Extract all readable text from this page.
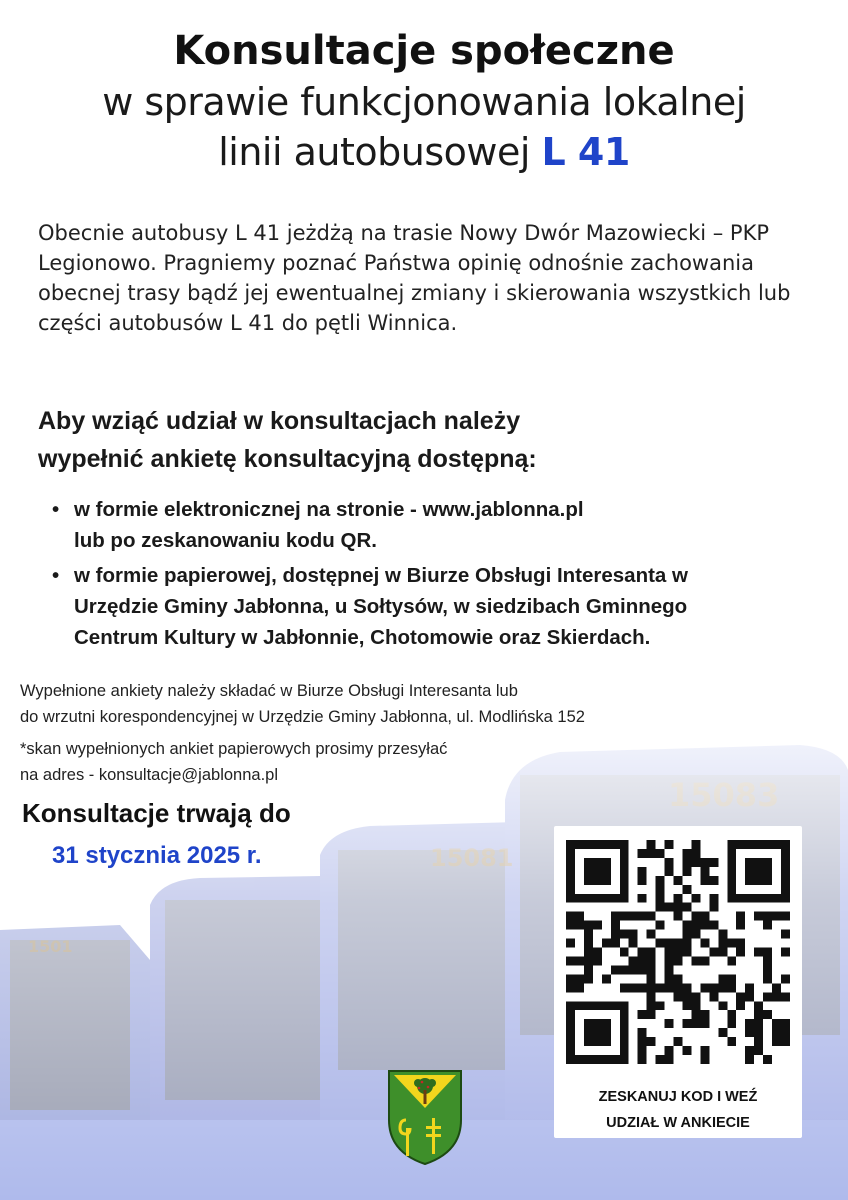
Konsultacje społeczne
w sprawie funkcjonowania lokalnej
linii autobusowej L 41
Obecnie autobusy L 41 jeżdżą na trasie Nowy Dwór Mazowiecki – PKP Legionowo. Pragniemy poznać Państwa opinię odnośnie zachowania obecnej trasy bądź jej ewentualnej zmiany i skierowania wszystkich lub części autobusów L 41 do pętli Winnica.
Aby wziąć udział w konsultacjach należy
wypełnić ankietę konsultacyjną dostępną:
• w formie elektronicznej na stronie - www.jablonna.pl
lub po zeskanowaniu kodu QR.
• w formie papierowej, dostępnej w Biurze Obsługi Interesanta w
Urzędzie Gminy Jabłonna, u Sołtysów, w siedzibach Gminnego
Centrum Kultury w Jabłonnie, Chotomowie oraz Skierdach.
Wypełnione ankiety należy składać w Biurze Obsługi Interesanta lub
do wrzutni korespondencyjnej w Urzędzie Gminy Jabłonna, ul. Modlińska 152
*skan wypełnionych ankiet papierowych prosimy przesyłać
na adres - konsultacje@jablonna.pl
Konsultacje trwają do
31 stycznia 2025 r.
ZESKANUJ KOD I WEŹ
UDZIAŁ W ANKIECIE
